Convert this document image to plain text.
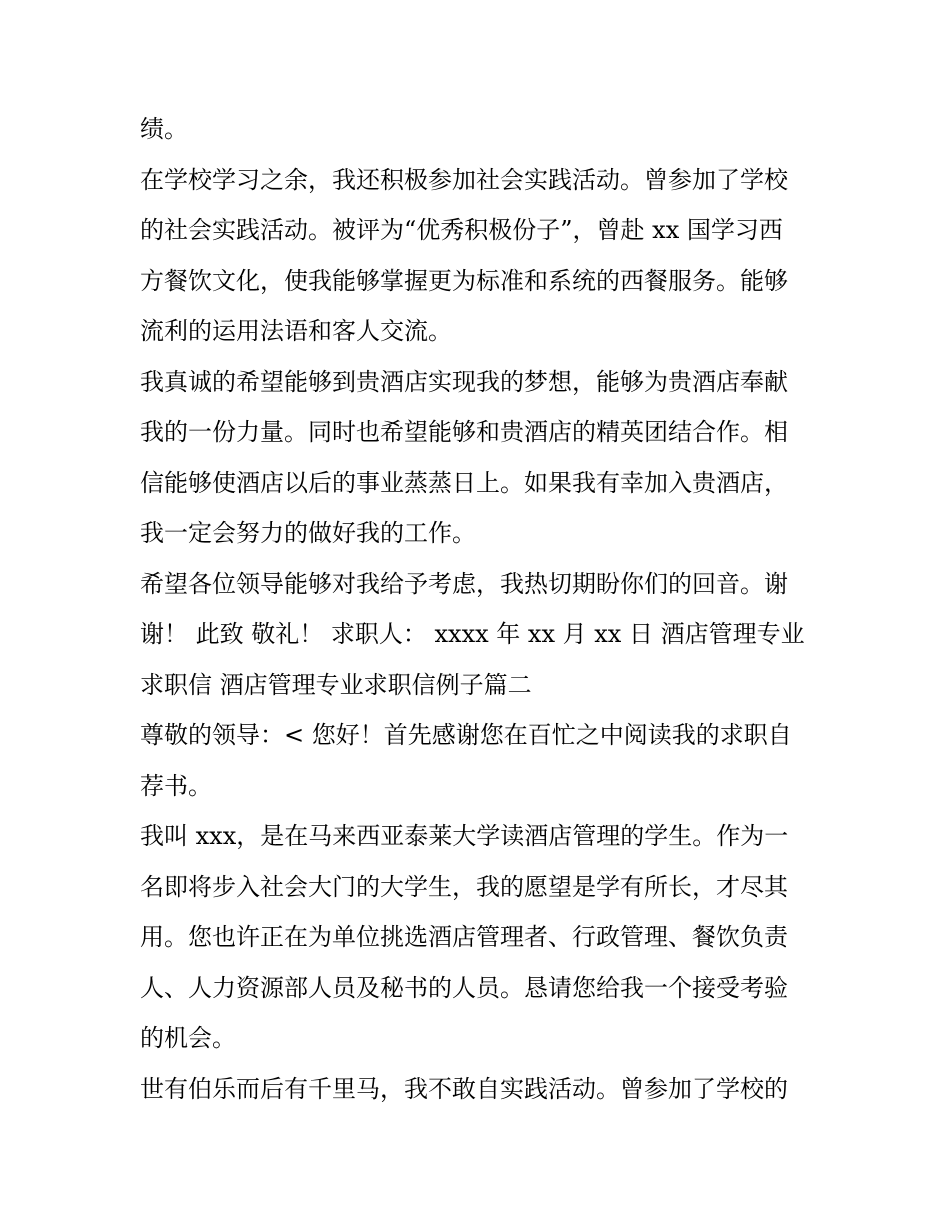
绩。
在学校学习之余，我还积极参加社会实践活动。曾参加了学校
的社会实践活动。被评为“优秀积极份子”，曾赴 xx 国学习西
方餐饮文化，使我能够掌握更为标准和系统的西餐服务。能够
流利的运用法语和客人交流。
我真诚的希望能够到贵酒店实现我的梦想，能够为贵酒店奉献
我的一份力量。同时也希望能够和贵酒店的精英团结合作。相
信能够使酒店以后的事业蒸蒸日上。如果我有幸加入贵酒店，
我一定会努力的做好我的工作。
希望各位领导能够对我给予考虑，我热切期盼你们的回音。谢
谢！ 此致 敬礼！ 求职人： xxxx 年 xx 月 xx 日 酒店管理专业
求职信 酒店管理专业求职信例子篇二
尊敬的领导：< 您好！首先感谢您在百忙之中阅读我的求职自
荐书。
我叫 xxx，是在马来西亚泰莱大学读酒店管理的学生。作为一
名即将步入社会大门的大学生，我的愿望是学有所长，才尽其
用。您也许正在为单位挑选酒店管理者、行政管理、餐饮负责
人、人力资源部人员及秘书的人员。恳请您给我一个接受考验
的机会。
世有伯乐而后有千里马，我不敢自实践活动。曾参加了学校的
